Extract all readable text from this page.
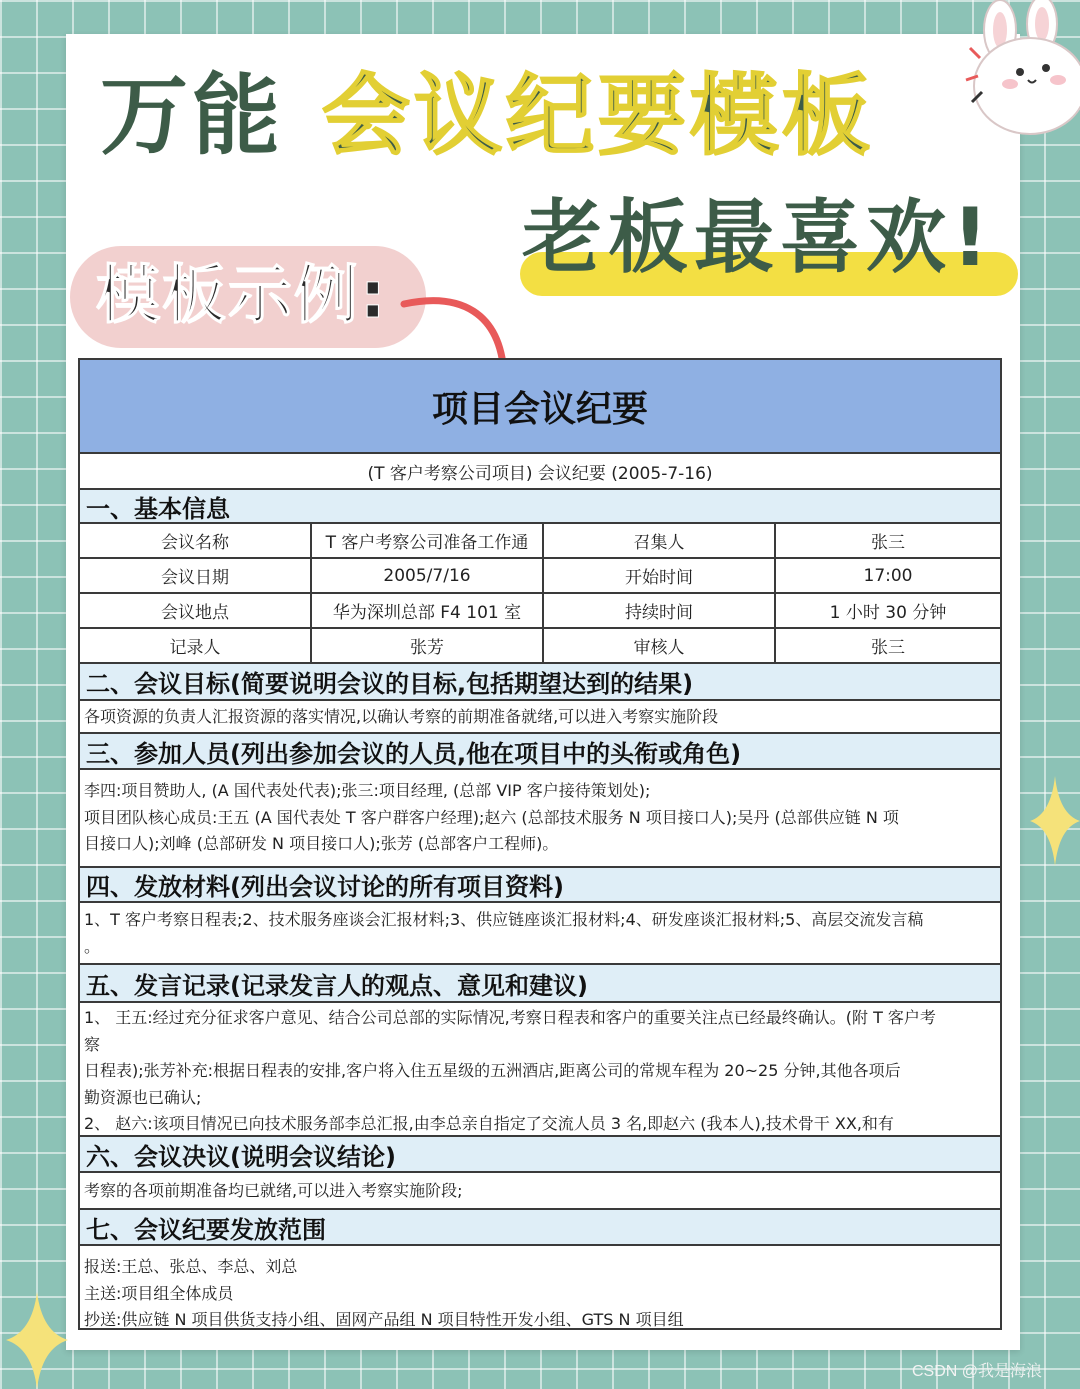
万能 会议纪要模板
老板最喜欢!
模板示例:
项目会议纪要
(T 客户考察公司项目) 会议纪要 (2005-7-16)
一、基本信息
会议名称	T 客户考察公司准备工作通	召集人	张三
会议日期	2005/7/16	开始时间	17:00
会议地点	华为深圳总部 F4 101 室	持续时间	1 小时 30 分钟
记录人	张芳	审核人	张三
二、会议目标(简要说明会议的目标,包括期望达到的结果)
各项资源的负责人汇报资源的落实情况,以确认考察的前期准备就绪,可以进入考察实施阶段
三、参加人员(列出参加会议的人员,他在项目中的头衔或角色)

李四:项目赞助人, (A 国代表处代表);张三:项目经理, (总部 VIP 客户接待策划处);

项目团队核心成员:王五 (A 国代表处 T 客户群客户经理);赵六 (总部技术服务 N 项目接口人);吴丹 (总部供应链 N 项

目接口人);刘峰 (总部研发 N 项目接口人);张芳 (总部客户工程师)。

四、发放材料(列出会议讨论的所有项目资料)

1、T 客户考察日程表;2、技术服务座谈会汇报材料;3、供应链座谈汇报材料;4、研发座谈汇报材料;5、高层交流发言稿

。

五、发言记录(记录发言人的观点、意见和建议)

1、 王五:经过充分征求客户意见、结合公司总部的实际情况,考察日程表和客户的重要关注点已经最终确认。(附 T 客户考

察

日程表);张芳补充:根据日程表的安排,客户将入住五星级的五洲酒店,距离公司的常规车程为 20~25 分钟,其他各项后

勤资源也已确认;

2、 赵六:该项目情况已向技术服务部李总汇报,由李总亲自指定了交流人员 3 名,即赵六 (我本人),技术骨干 XX,和有

六、会议决议(说明会议结论)
考察的各项前期准备均已就绪,可以进入考察实施阶段;
七、会议纪要发放范围

报送:王总、张总、李总、刘总

主送:项目组全体成员

抄送:供应链 N 项目供货支持小组、固网产品组 N 项目特性开发小组、GTS N 项目组

CSDN @我是海浪
